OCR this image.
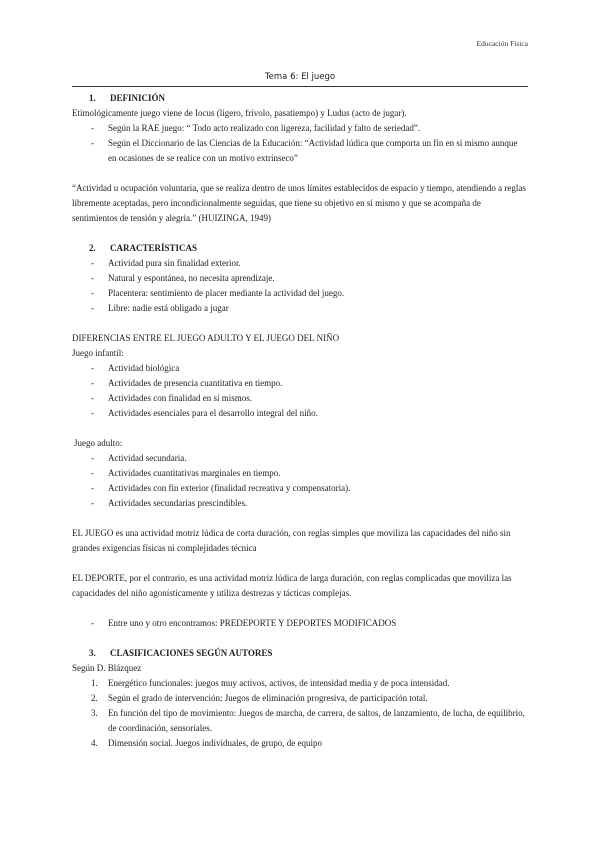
Educación Física
Tema 6: El juego
1. DEFINICIÓN

Etimológicamente juego viene de Iocus (ligero, frívolo, pasatiempo) y Ludus (acto de jugar).

- Según la RAE juego: “ Todo acto realizado con ligereza, facilidad y falto de seriedad”.
- Según el Diccionario de las Ciencias de la Educación: “Actividad lúdica que comporta un fin en sí mismo aunque en ocasiones de se realice con un motivo extrínseco”

“Actividad u ocupación voluntaria, que se realiza dentro de unos límites establecidos de espacio y tiempo, atendiendo a reglas libremente aceptadas, pero incondicionalmente seguidas, que tiene su objetivo en sí mismo y que se acompaña de sentimientos de tensión y alegría.” (HUIZINGA, 1949)

2. CARACTERÍSTICAS
- Actividad pura sin finalidad exterior.
- Natural y espontánea, no necesita aprendizaje.
- Placentera: sentimiento de placer mediante la actividad del juego.
- Libre: nadie está obligado a jugar

DIFERENCIAS ENTRE EL JUEGO ADULTO Y EL JUEGO DEL NIÑO

Juego infantil:

- Actividad biológica
- Actividades de presencia cuantitativa en tiempo.
- Actividades con finalidad en sí mismos.
- Actividades esenciales para el desarrollo integral del niño.

Juego adulto:

- Actividad secundaria.
- Actividades cuantitativas marginales en tiempo.
- Actividades con fin exterior (finalidad recreativa y compensatoria).
- Actividades secundarias prescindibles.

EL JUEGO es una actividad motriz lúdica de corta duración, con reglas simples que moviliza las capacidades del niño sin grandes exigencias físicas ni complejidades técnica

EL DEPORTE, por el contrario, es una actividad motriz lúdica de larga duración, con reglas complicadas que moviliza las capacidades del niño agonísticamente y utiliza destrezas y tácticas complejas.

- Entre uno y otro encontramos: PREDEPORTE Y DEPORTES MODIFICADOS
3. CLASIFICACIONES SEGÚN AUTORES

Según D. Blázquez

1. Energético funcionales: juegos muy activos, activos, de intensidad media y de poca intensidad.
2. Según el grado de intervención: Juegos de eliminación progresiva, de participación total.
3. En función del tipo de movimiento: Juegos de marcha, de carrera, de saltos, de lanzamiento, de lucha, de equilibrio, de coordinación, sensoriales.
4. Dimensión social. Juegos individuales, de grupo, de equipo
